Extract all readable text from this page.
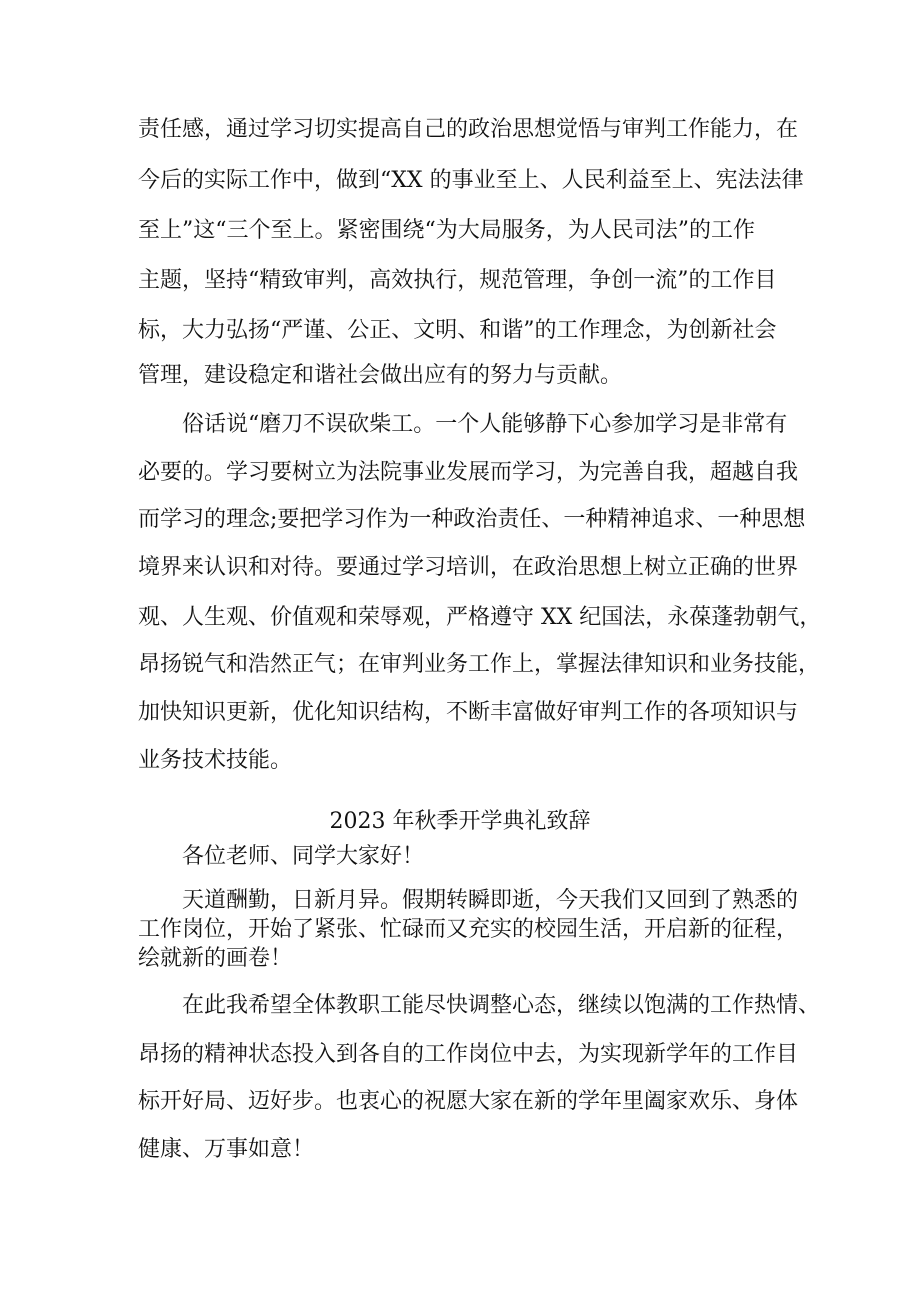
责任感，通过学习切实提高自己的政治思想觉悟与审判工作能力，在
今后的实际工作中，做到“XX 的事业至上、人民利益至上、宪法法律
至上”这“三个至上。紧密围绕“为大局服务，为人民司法”的工作
主题，坚持“精致审判，高效执行，规范管理，争创一流”的工作目
标，大力弘扬“严谨、公正、文明、和谐”的工作理念，为创新社会
管理，建设稳定和谐社会做出应有的努力与贡献。
　　俗话说“磨刀不误砍柴工。一个人能够静下心参加学习是非常有
必要的。学习要树立为法院事业发展而学习，为完善自我，超越自我
而学习的理念;要把学习作为一种政治责任、一种精神追求、一种思想
境界来认识和对待。要通过学习培训，在政治思想上树立正确的世界
观、人生观、价值观和荣辱观，严格遵守 XX 纪国法，永葆蓬勃朝气，
昂扬锐气和浩然正气；在审判业务工作上，掌握法律知识和业务技能，
加快知识更新，优化知识结构，不断丰富做好审判工作的各项知识与
业务技术技能。
2023 年秋季开学典礼致辞
　　各位老师、同学大家好！
　　天道酬勤，日新月异。假期转瞬即逝，今天我们又回到了熟悉的
工作岗位，开始了紧张、忙碌而又充实的校园生活，开启新的征程，
绘就新的画卷！
　　在此我希望全体教职工能尽快调整心态，继续以饱满的工作热情、
昂扬的精神状态投入到各自的工作岗位中去，为实现新学年的工作目
标开好局、迈好步。也衷心的祝愿大家在新的学年里阖家欢乐、身体
健康、万事如意！
